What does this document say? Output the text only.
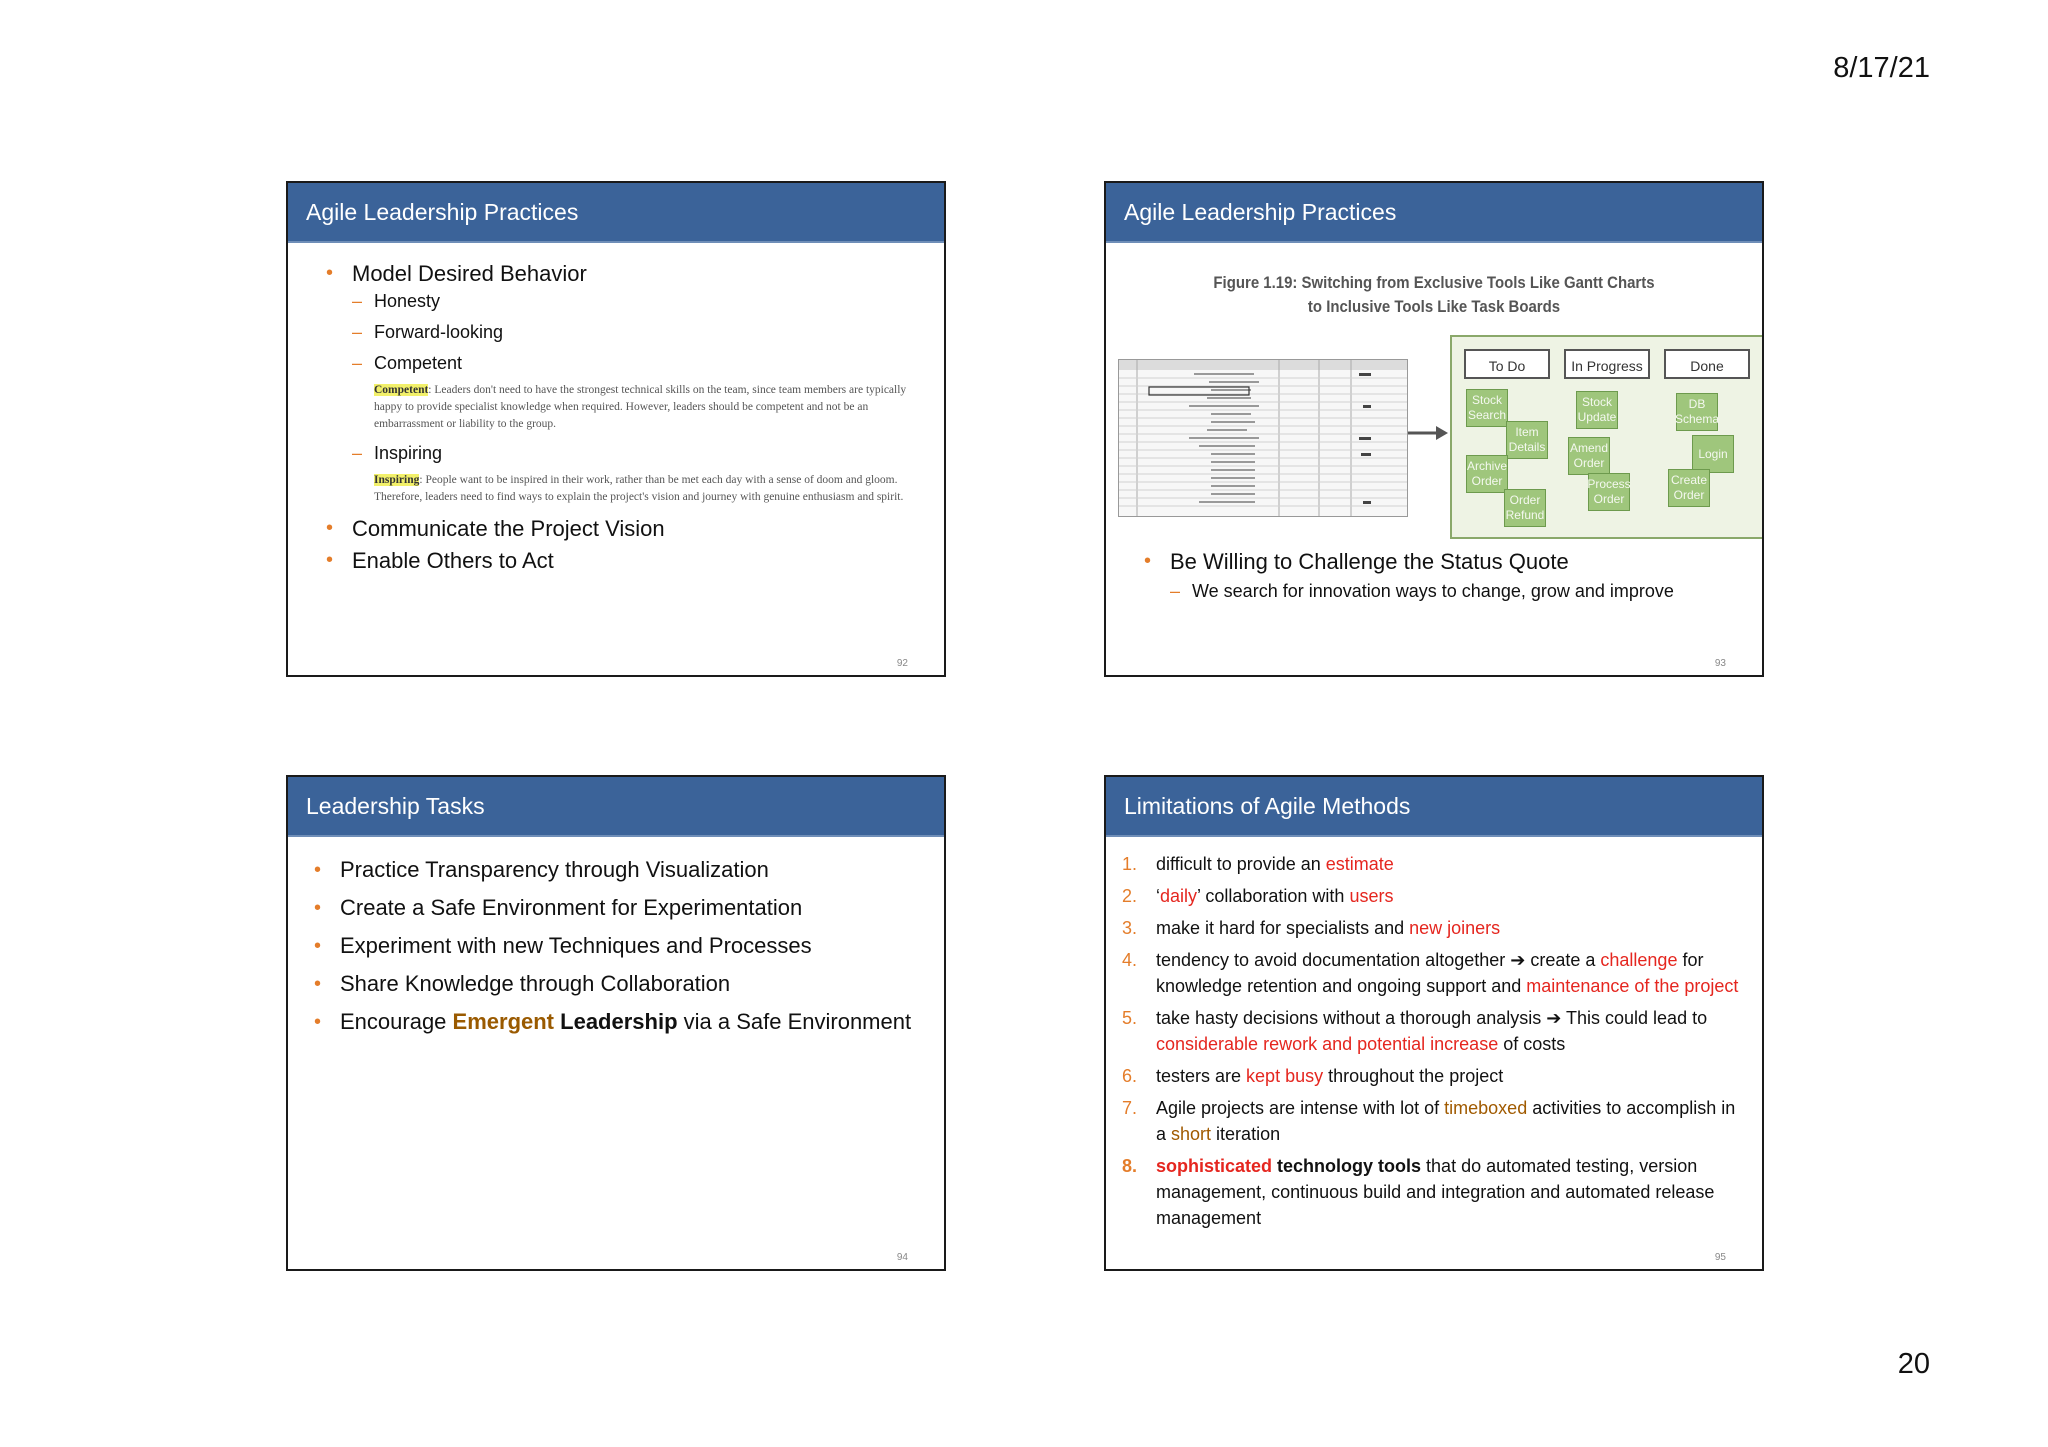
8/17/21
Agile Leadership Practices
• Model Desired Behavior
– Honesty
– Forward-looking
– Competent
Competent: Leaders don't need to have the strongest technical skills on the team, since team members are typically happy to provide specialist knowledge when required. However, leaders should be competent and not be an embarrassment or liability to the group.
– Inspiring
Inspiring: People want to be inspired in their work, rather than be met each day with a sense of doom and gloom. Therefore, leaders need to find ways to explain the project's vision and journey with genuine enthusiasm and spirit.
• Communicate the Project Vision
• Enable Others to Act
92
Agile Leadership Practices
Figure 1.19: Switching from Exclusive Tools Like Gantt Charts
to Inclusive Tools Like Task Boards
To Do	In Progress	Done
Stock Search
Item Details
Archive Order
Order Refund
Stock Update
Amend Order
Process Order
DB Schema
Login
Create Order
• Be Willing to Challenge the Status Quote
– We search for innovation ways to change, grow and improve
93
Leadership Tasks
• Practice Transparency through Visualization
• Create a Safe Environment for Experimentation
• Experiment with new Techniques and Processes
• Share Knowledge through Collaboration
• Encourage Emergent Leadership via a Safe Environment
94
Limitations of Agile Methods
1. difficult to provide an estimate
2. ‘daily’ collaboration with users
3. make it hard for specialists and new joiners
4. tendency to avoid documentation altogether ➔ create a challenge for knowledge retention and ongoing support and maintenance of the project
5. take hasty decisions without a thorough analysis ➔ This could lead to considerable rework and potential increase of costs
6. testers are kept busy throughout the project
7. Agile projects are intense with lot of timeboxed activities to accomplish in a short iteration
8. sophisticated technology tools that do automated testing, version management, continuous build and integration and automated release management
95
20
